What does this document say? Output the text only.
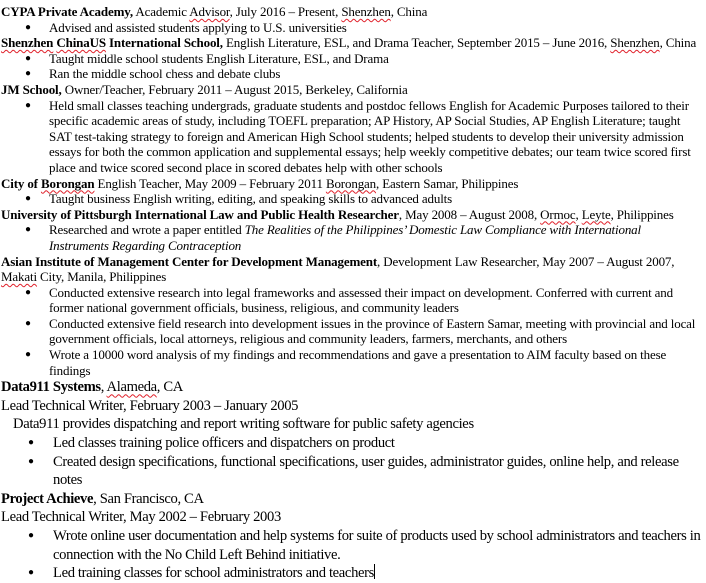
CYPA Private Academy, Academic Advisor, July 2016 – Present, Shenzhen, China

● Advised and assisted students applying to U.S. universities

Shenzhen ChinaUS International School, English Literature, ESL, and Drama Teacher, September 2015 – June 2016, Shenzhen, China

● Taught middle school students English Literature, ESL, and Drama
● Ran the middle school chess and debate clubs

JM School, Owner/Teacher, February 2011 – August 2015, Berkeley, California

● Held small classes teaching undergrads, graduate students and postdoc fellows English for Academic Purposes tailored to their specific academic areas of study, including TOEFL preparation; AP History, AP Social Studies, AP English Literature; taught SAT test-taking strategy to foreign and American High School students; helped students to develop their university admission essays for both the common application and supplemental essays; help weekly competitive debates; our team twice scored first place and twice scored second place in scored debates help with other schools

City of Borongan English Teacher, May 2009 – February 2011 Borongan, Eastern Samar, Philippines

● Taught business English writing, editing, and speaking skills to advanced adults

University of Pittsburgh International Law and Public Health Researcher, May 2008 – August 2008, Ormoc, Leyte, Philippines

● Researched and wrote a paper entitled The Realities of the Philippines’ Domestic Law Compliance with International Instruments Regarding Contraception

Asian Institute of Management Center for Development Management, Development Law Researcher, May 2007 – August 2007, Makati City, Manila, Philippines

● Conducted extensive research into legal frameworks and assessed their impact on development. Conferred with current and former national government officials, business, religious, and community leaders
● Conducted extensive field research into development issues in the province of Eastern Samar, meeting with provincial and local government officials, local attorneys, religious and community leaders, farmers, merchants, and others
● Wrote a 10000 word analysis of my findings and recommendations and gave a presentation to AIM faculty based on these findings

Data911 Systems, Alameda, CA

Lead Technical Writer, February 2003 – January 2005

Data911 provides dispatching and report writing software for public safety agencies

● Led classes training police officers and dispatchers on product
● Created design specifications, functional specifications, user guides, administrator guides, online help, and release notes

Project Achieve, San Francisco, CA

Lead Technical Writer, May 2002 – February 2003

● Wrote online user documentation and help systems for suite of products used by school administrators and teachers in connection with the No Child Left Behind initiative.
● Led training classes for school administrators and teachers
